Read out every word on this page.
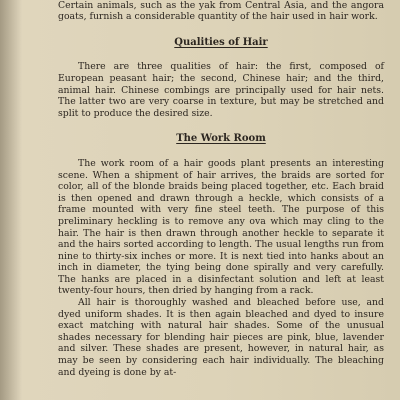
Certain animals, such as the yak from Central Asia, and the angora goats, furnish a considerable quantity of the hair used in hair work.

Qualities of Hair

There are three qualities of hair: the first, composed of European peasant hair; the second, Chinese hair; and the third, animal hair. Chinese combings are principally used for hair nets. The latter two are very coarse in texture, but may be stretched and split to produce the desired size.

The Work Room

The work room of a hair goods plant presents an interesting scene. When a shipment of hair arrives, the braids are sorted for color, all of the blonde braids being placed together, etc. Each braid is then opened and drawn through a heckle, which consists of a frame mounted with very fine steel teeth. The purpose of this preliminary heckling is to remove any ova which may cling to the hair. The hair is then drawn through another heckle to separate it and the hairs sorted according to length. The usual lengths run from nine to thirty-six inches or more. It is next tied into hanks about an inch in diameter, the tying being done spirally and very carefully. The hanks are placed in a disinfectant solution and left at least twenty-four hours, then dried by hanging from a rack.

All hair is thoroughly washed and bleached before use, and dyed uniform shades. It is then again bleached and dyed to insure exact matching with natural hair shades. Some of the unusual shades necessary for blending hair pieces are pink, blue, lavender and silver. These shades are present, however, in natural hair, as may be seen by considering each hair individually. The bleaching and dyeing is done by at-
